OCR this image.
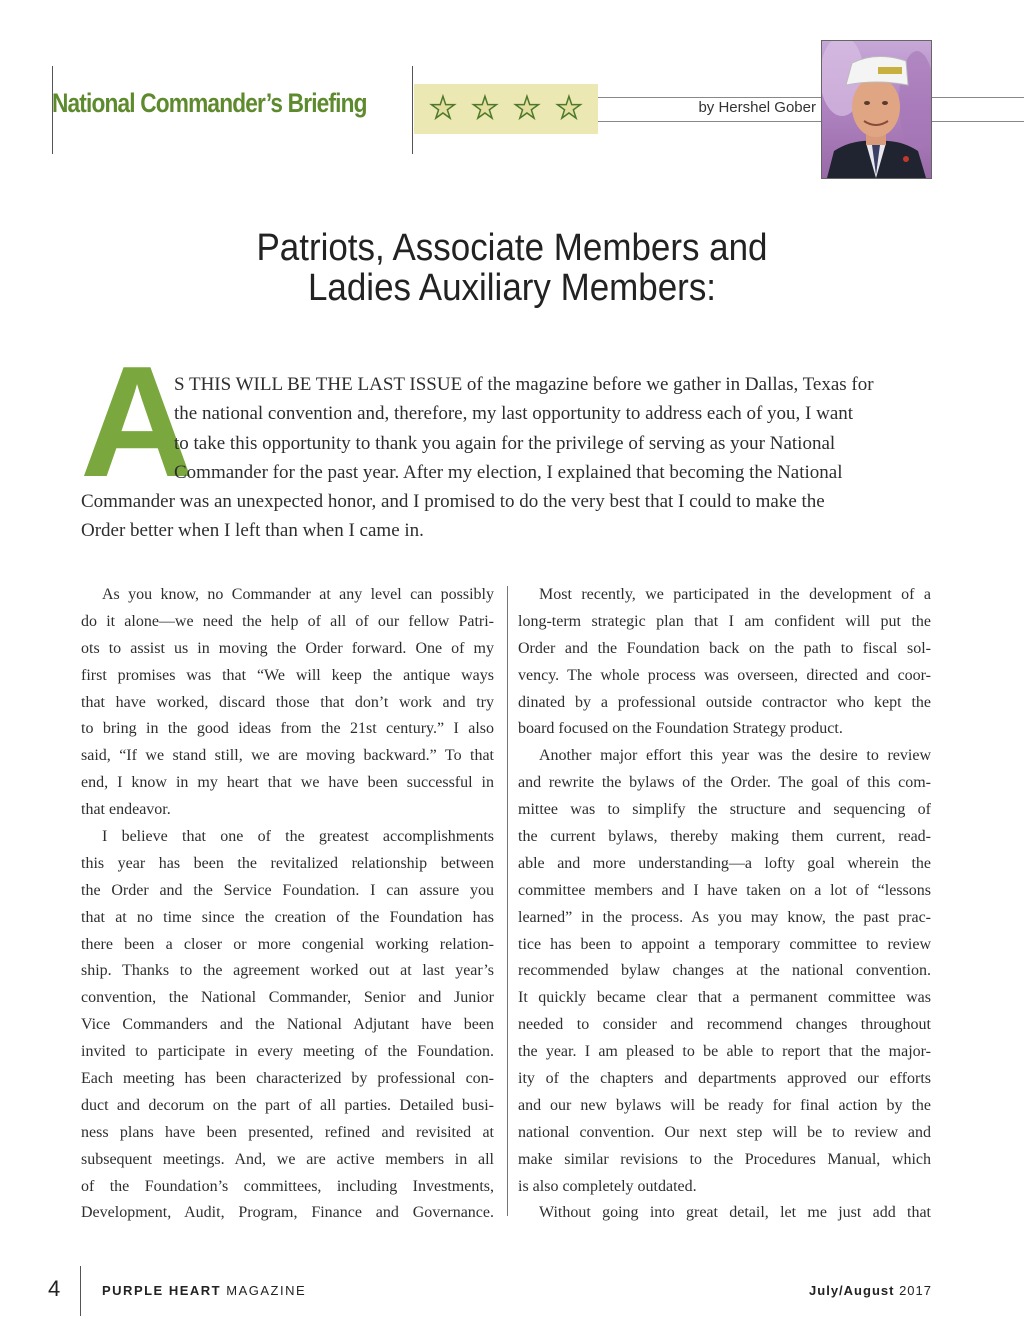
National Commander’s Briefing ★ ★ ★ ★	by Hershel Gober
Patriots, Associate Members and
Ladies Auxiliary Members:
A
S THIS WILL BE THE LAST ISSUE of the magazine before we gather in Dallas, Texas for
the national convention and, therefore, my last opportunity to address each of you, I want
to take this opportunity to thank you again for the privilege of serving as your National
Commander for the past year. After my election, I explained that becoming the National
Commander was an unexpected honor, and I promised to do the very best that I could to make the
Order better when I left than when I came in.
As you know, no Commander at any level can possibly
do it alone—we need the help of all of our fellow Patri-
ots to assist us in moving the Order forward. One of my
first promises was that “We will keep the antique ways
that have worked, discard those that don’t work and try
to bring in the good ideas from the 21st century.” I also
said, “If we stand still, we are moving backward.” To that
end, I know in my heart that we have been successful in
that endeavor.
I believe that one of the greatest accomplishments
this year has been the revitalized relationship between
the Order and the Service Foundation. I can assure you
that at no time since the creation of the Foundation has
there been a closer or more congenial working relation-
ship. Thanks to the agreement worked out at last year’s
convention, the National Commander, Senior and Junior
Vice Commanders and the National Adjutant have been
invited to participate in every meeting of the Foundation.
Each meeting has been characterized by professional con-
duct and decorum on the part of all parties. Detailed busi-
ness plans have been presented, refined and revisited at
subsequent meetings. And, we are active members in all
of the Foundation’s committees, including Investments,
Development, Audit, Program, Finance and Governance.
Most recently, we participated in the development of a
long-term strategic plan that I am confident will put the
Order and the Foundation back on the path to fiscal sol-
vency. The whole process was overseen, directed and coor-
dinated by a professional outside contractor who kept the
board focused on the Foundation Strategy product.
Another major effort this year was the desire to review
and rewrite the bylaws of the Order. The goal of this com-
mittee was to simplify the structure and sequencing of
the current bylaws, thereby making them current, read-
able and more understanding—a lofty goal wherein the
committee members and I have taken on a lot of “lessons
learned” in the process. As you may know, the past prac-
tice has been to appoint a temporary committee to review
recommended bylaw changes at the national convention.
It quickly became clear that a permanent committee was
needed to consider and recommend changes throughout
the year. I am pleased to be able to report that the major-
ity of the chapters and departments approved our efforts
and our new bylaws will be ready for final action by the
national convention. Our next step will be to review and
make similar revisions to the Procedures Manual, which
is also completely outdated.
Without going into great detail, let me just add that
4	PURPLE HEART MAGAZINE	July/August 2017
